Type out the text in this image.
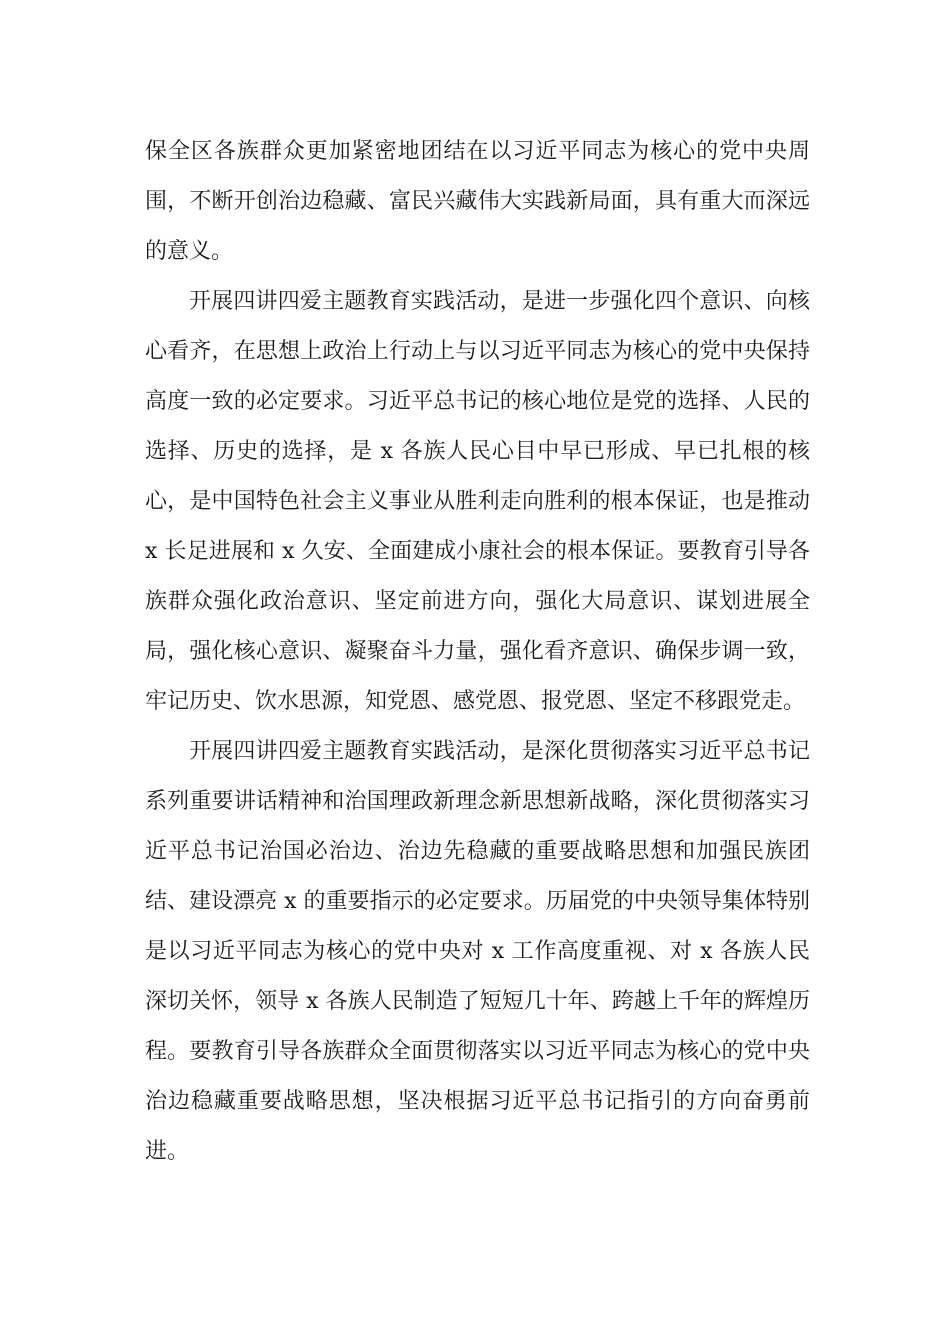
保全区各族群众更加紧密地团结在以习近平同志为核心的党中央周围，不断开创治边稳藏、富民兴藏伟大实践新局面，具有重大而深远的意义。

开展四讲四爱主题教育实践活动，是进一步强化四个意识、向核心看齐，在思想上政治上行动上与以习近平同志为核心的党中央保持高度一致的必定要求。习近平总书记的核心地位是党的选择、人民的选择、历史的选择，是 x 各族人民心目中早已形成、早已扎根的核心，是中国特色社会主义事业从胜利走向胜利的根本保证，也是推动 x 长足进展和 x 久安、全面建成小康社会的根本保证。要教育引导各族群众强化政治意识、坚定前进方向，强化大局意识、谋划进展全局，强化核心意识、凝聚奋斗力量，强化看齐意识、确保步调一致，牢记历史、饮水思源，知党恩、感党恩、报党恩、坚定不移跟党走。

开展四讲四爱主题教育实践活动，是深化贯彻落实习近平总书记系列重要讲话精神和治国理政新理念新思想新战略，深化贯彻落实习近平总书记治国必治边、治边先稳藏的重要战略思想和加强民族团结、建设漂亮 x 的重要指示的必定要求。历届党的中央领导集体特别是以习近平同志为核心的党中央对 x 工作高度重视、对 x 各族人民深切关怀，领导 x 各族人民制造了短短几十年、跨越上千年的辉煌历程。要教育引导各族群众全面贯彻落实以习近平同志为核心的党中央治边稳藏重要战略思想，坚决根据习近平总书记指引的方向奋勇前进。
